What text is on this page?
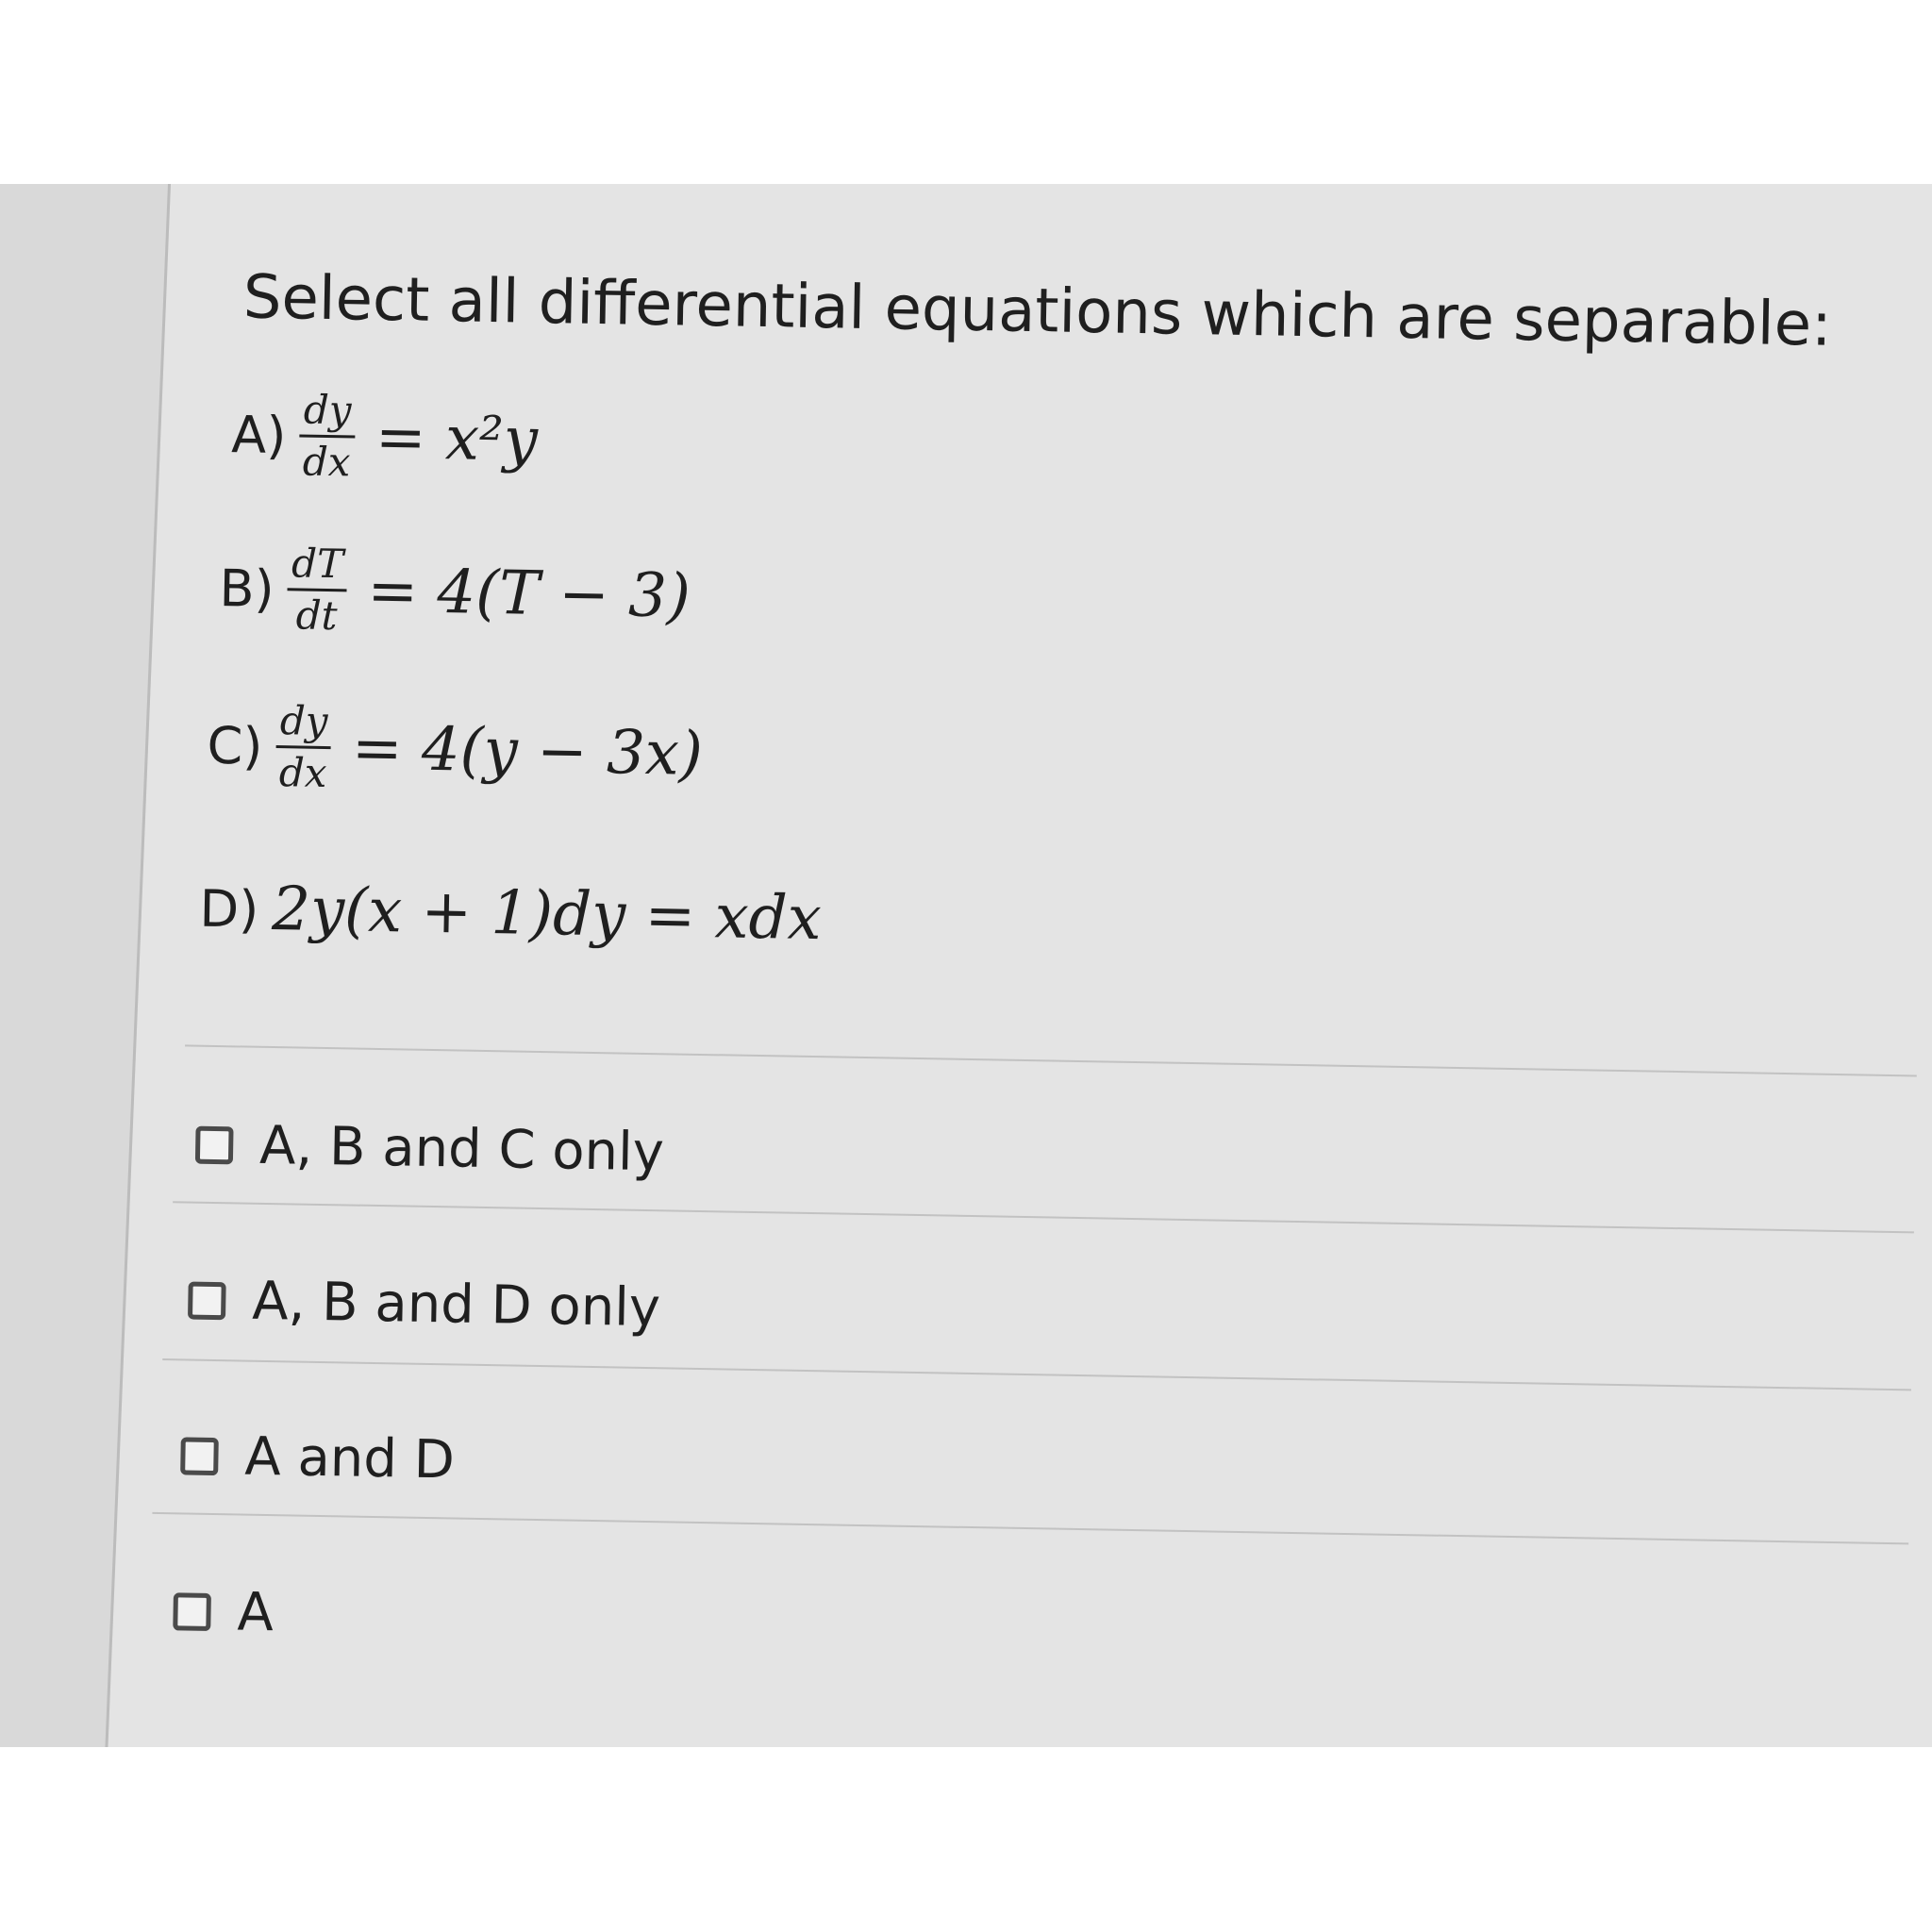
Select all differential equations which are separable:
$A) \frac{dy}{dx} = x^2y$
$B) \frac{dT}{dt} = 4(T - 3)$
$C) \frac{dy}{dx} = 4(y - 3x)$
D) 2y(x + 1)dy = xdx
A, B and C only
A, B and D only
A and D
A
